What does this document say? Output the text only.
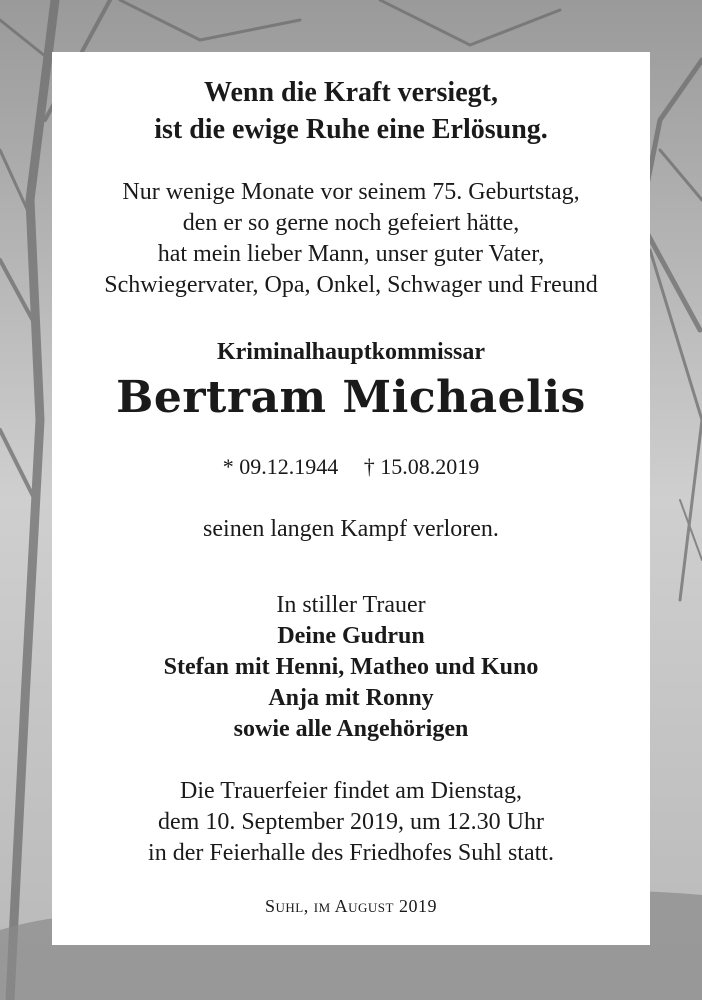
Wenn die Kraft versiegt,
ist die ewige Ruhe eine Erlösung.
Nur wenige Monate vor seinem 75. Geburtstag,
den er so gerne noch gefeiert hätte,
hat mein lieber Mann, unser guter Vater,
Schwiegervater, Opa, Onkel, Schwager und Freund
Kriminalhauptkommissar
Bertram Michaelis
* 09.12.1944 † 15.08.2019
seinen langen Kampf verloren.
In stiller Trauer
Deine Gudrun
Stefan mit Henni, Matheo und Kuno
Anja mit Ronny
sowie alle Angehörigen
Die Trauerfeier findet am Dienstag,
dem 10. September 2019, um 12.30 Uhr
in der Feierhalle des Friedhofes Suhl statt.
Suhl, im August 2019
